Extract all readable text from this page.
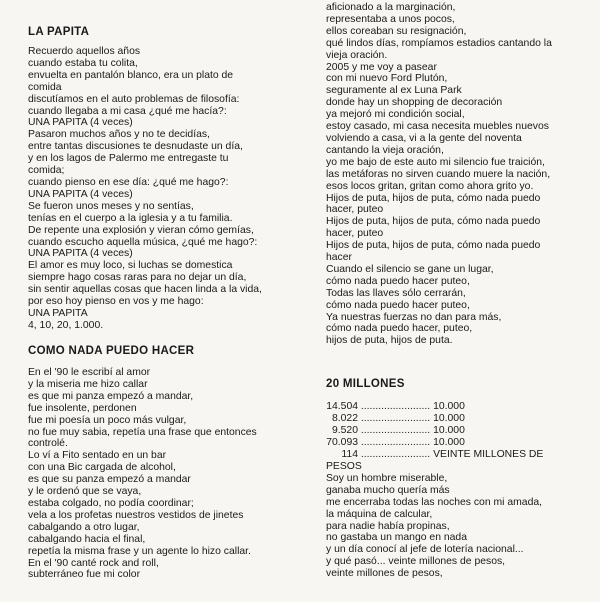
LA PAPITA
Recuerdo aquellos años
cuando estaba tu colita,
envuelta en pantalón blanco, era un plato de
comida
discutíamos en el auto problemas de filosofía:
cuando llegaba a mi casa ¿qué me hacía?:
UNA PAPITA (4 veces)
Pasaron muchos años y no te decidías,
entre tantas discusiones te desnudaste un día,
y en los lagos de Palermo me entregaste tu
comida;
cuando pienso en ese día: ¿qué me hago?:
UNA PAPITA (4 veces)
Se fueron unos meses y no sentías,
tenías en el cuerpo a la iglesia y a tu familia.
De repente una explosión y vieran cómo gemías,
cuando escucho aquella música, ¿qué me hago?:
UNA PAPITA (4 veces)
El amor es muy loco, si luchas se domestica
siempre hago cosas raras para no dejar un día,
sin sentir aquellas cosas que hacen linda a la vida,
por eso hoy pienso en vos y me hago:
UNA PAPITA
4, 10, 20, 1.000.
COMO NADA PUEDO HACER
En el '90 le escribí al amor
y la miseria me hizo callar
es que mi panza empezó a mandar,
fue insolente, perdonen
fue mi poesía un poco más vulgar,
no fue muy sabia, repetía una frase que entonces
controlé.
Lo ví a Fito sentado en un bar
con una Bic cargada de alcohol,
es que su panza empezó a mandar
y le ordenó que se vaya,
estaba colgado, no podía coordinar;
vela a los profetas nuestros vestidos de jinetes
cabalgando a otro lugar,
cabalgando hacia el final,
repetía la misma frase y un agente lo hizo callar.
En el '90 canté rock and roll,
subterráneo fue mi color
aficionado a la marginación,
representaba a unos pocos,
ellos coreaban su resignación,
qué lindos días, rompíamos estadios cantando la
vieja oración.
2005 y me voy a pasear
con mi nuevo Ford Plutón,
seguramente al ex Luna Park
donde hay un shopping de decoración
ya mejoró mi condición social,
estoy casado, mi casa necesita muebles nuevos
volviendo a casa, vi a la gente del noventa
cantando la vieja oración,
yo me bajo de este auto mi silencio fue traición,
las metáforas no sirven cuando muere la nación,
esos locos gritan, gritan como ahora grito yo.
Hijos de puta, hijos de puta, cómo nada puedo
hacer, puteo
Hijos de puta, hijos de puta, cómo nada puedo
hacer, puteo
Hijos de puta, hijos de puta, cómo nada puedo
hacer
Cuando el silencio se gane un lugar,
cómo nada puedo hacer puteo,
Todas las llaves sólo cerrarán,
cómo nada puedo hacer puteo,
Ya nuestras fuerzas no dan para más,
cómo nada puedo hacer, puteo,
hijos de puta, hijos de puta.
20 MILLONES
14.504 ........................ 10.000
8.022 ........................ 10.000
9.520 ........................ 10.000
70.093 ........................ 10.000
114 ........................ VEINTE MILLONES DE
PESOS
Soy un hombre miserable,
ganaba mucho quería más
me encerraba todas las noches con mi amada,
la máquina de calcular,
para nadie había propinas,
no gastaba un mango en nada
y un día conocí al jefe de lotería nacional...
y qué pasó... veinte millones de pesos,
veinte millones de pesos,
